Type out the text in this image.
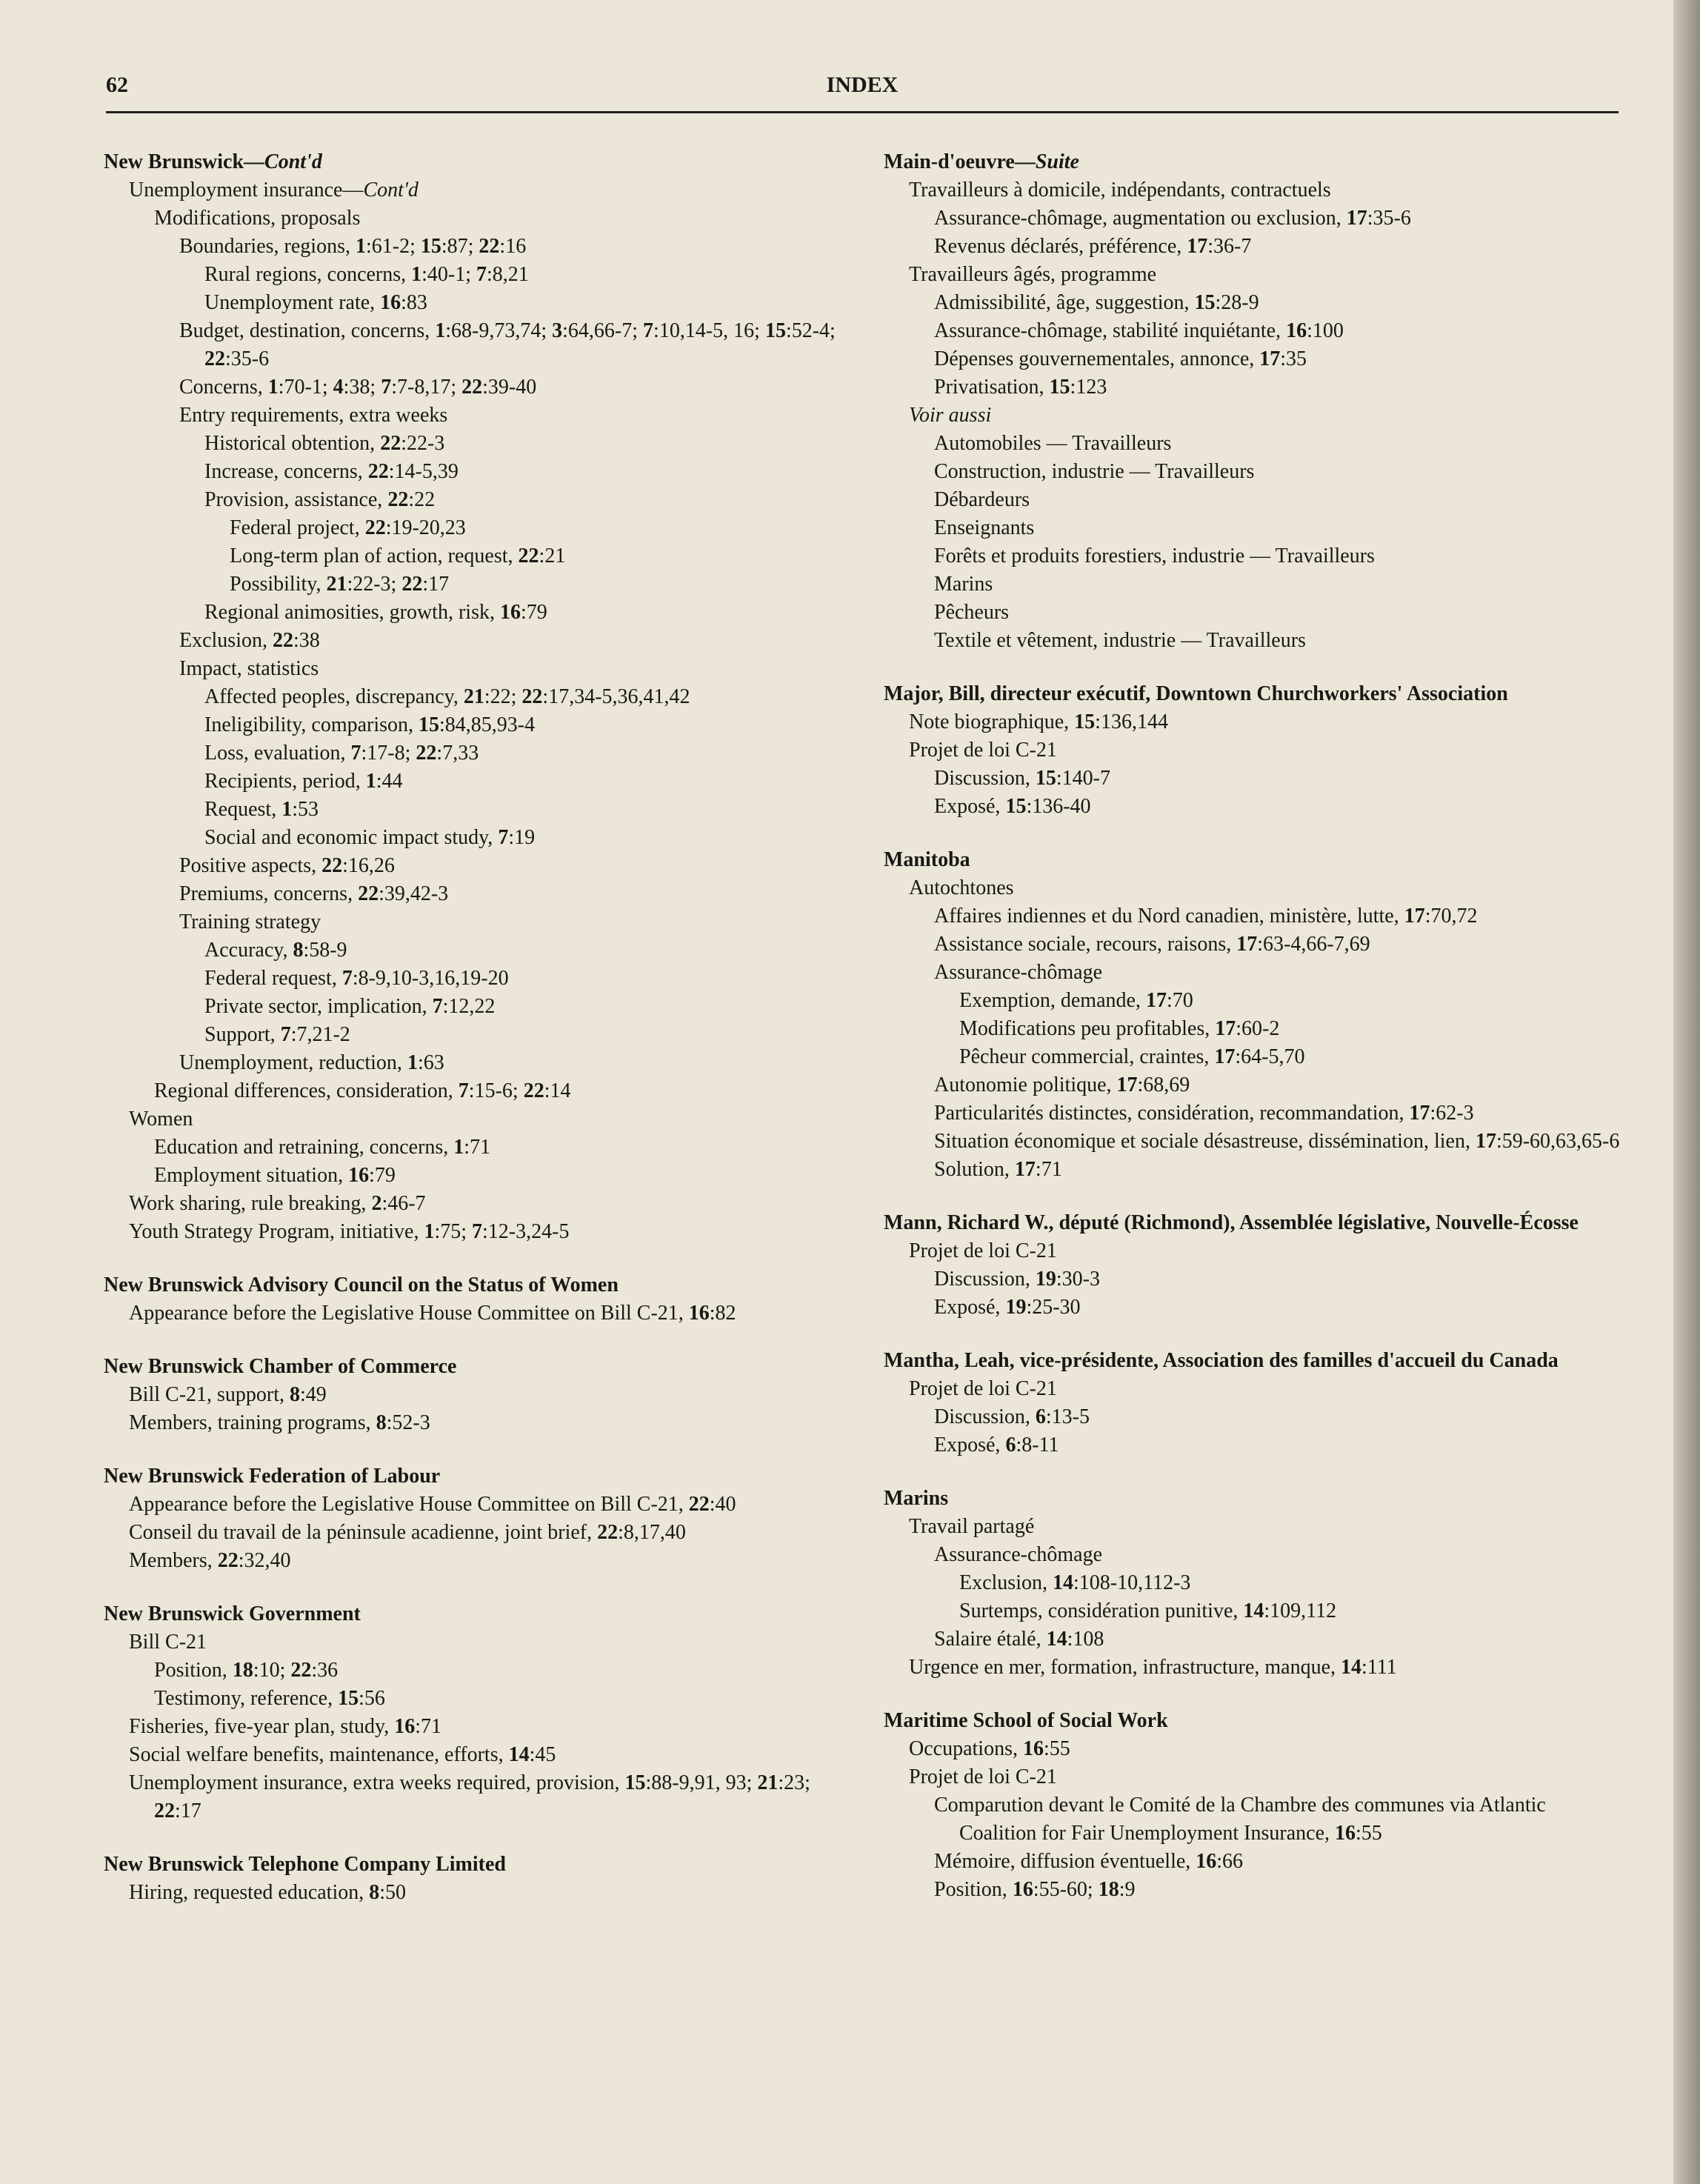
62	INDEX
New Brunswick—Cont'd
Unemployment insurance—Cont'd
Modifications, proposals
Boundaries, regions, 1:61-2; 15:87; 22:16
Rural regions, concerns, 1:40-1; 7:8,21
Unemployment rate, 16:83
Budget, destination, concerns, 1:68-9,73,74; 3:64,66-7; 7:10,14-5, 16; 15:52-4; 22:35-6
Concerns, 1:70-1; 4:38; 7:7-8,17; 22:39-40
Entry requirements, extra weeks
Historical obtention, 22:22-3
Increase, concerns, 22:14-5,39
Provision, assistance, 22:22
Federal project, 22:19-20,23
Long-term plan of action, request, 22:21
Possibility, 21:22-3; 22:17
Regional animosities, growth, risk, 16:79
Exclusion, 22:38
Impact, statistics
Affected peoples, discrepancy, 21:22; 22:17,34-5,36,41,42
Ineligibility, comparison, 15:84,85,93-4
Loss, evaluation, 7:17-8; 22:7,33
Recipients, period, 1:44
Request, 1:53
Social and economic impact study, 7:19
Positive aspects, 22:16,26
Premiums, concerns, 22:39,42-3
Training strategy
Accuracy, 8:58-9
Federal request, 7:8-9,10-3,16,19-20
Private sector, implication, 7:12,22
Support, 7:7,21-2
Unemployment, reduction, 1:63
Regional differences, consideration, 7:15-6; 22:14
Women
Education and retraining, concerns, 1:71
Employment situation, 16:79
Work sharing, rule breaking, 2:46-7
Youth Strategy Program, initiative, 1:75; 7:12-3,24-5
New Brunswick Advisory Council on the Status of Women
Appearance before the Legislative House Committee on Bill C-21, 16:82
New Brunswick Chamber of Commerce
Bill C-21, support, 8:49
Members, training programs, 8:52-3
New Brunswick Federation of Labour
Appearance before the Legislative House Committee on Bill C-21, 22:40
Conseil du travail de la péninsule acadienne, joint brief, 22:8,17,40
Members, 22:32,40
New Brunswick Government
Bill C-21
Position, 18:10; 22:36
Testimony, reference, 15:56
Fisheries, five-year plan, study, 16:71
Social welfare benefits, maintenance, efforts, 14:45
Unemployment insurance, extra weeks required, provision, 15:88-9,91, 93; 21:23; 22:17
New Brunswick Telephone Company Limited
Hiring, requested education, 8:50
Main-d'oeuvre—Suite
Travailleurs à domicile, indépendants, contractuels
Assurance-chômage, augmentation ou exclusion, 17:35-6
Revenus déclarés, préférence, 17:36-7
Travailleurs âgés, programme
Admissibilité, âge, suggestion, 15:28-9
Assurance-chômage, stabilité inquiétante, 16:100
Dépenses gouvernementales, annonce, 17:35
Privatisation, 15:123
Voir aussi
Automobiles — Travailleurs
Construction, industrie — Travailleurs
Débardeurs
Enseignants
Forêts et produits forestiers, industrie — Travailleurs
Marins
Pêcheurs
Textile et vêtement, industrie — Travailleurs
Major, Bill, directeur exécutif, Downtown Churchworkers' Association
Note biographique, 15:136,144
Projet de loi C-21
Discussion, 15:140-7
Exposé, 15:136-40
Manitoba
Autochtones
Affaires indiennes et du Nord canadien, ministère, lutte, 17:70,72
Assistance sociale, recours, raisons, 17:63-4,66-7,69
Assurance-chômage
Exemption, demande, 17:70
Modifications peu profitables, 17:60-2
Pêcheur commercial, craintes, 17:64-5,70
Autonomie politique, 17:68,69
Particularités distinctes, considération, recommandation, 17:62-3
Situation économique et sociale désastreuse, dissémination, lien, 17:59-60,63,65-6
Solution, 17:71
Mann, Richard W., député (Richmond), Assemblée législative, Nouvelle-Écosse
Projet de loi C-21
Discussion, 19:30-3
Exposé, 19:25-30
Mantha, Leah, vice-présidente, Association des familles d'accueil du Canada
Projet de loi C-21
Discussion, 6:13-5
Exposé, 6:8-11
Marins
Travail partagé
Assurance-chômage
Exclusion, 14:108-10,112-3
Surtemps, considération punitive, 14:109,112
Salaire étalé, 14:108
Urgence en mer, formation, infrastructure, manque, 14:111
Maritime School of Social Work
Occupations, 16:55
Projet de loi C-21
Comparution devant le Comité de la Chambre des communes via Atlantic Coalition for Fair Unemployment Insurance, 16:55
Mémoire, diffusion éventuelle, 16:66
Position, 16:55-60; 18:9
